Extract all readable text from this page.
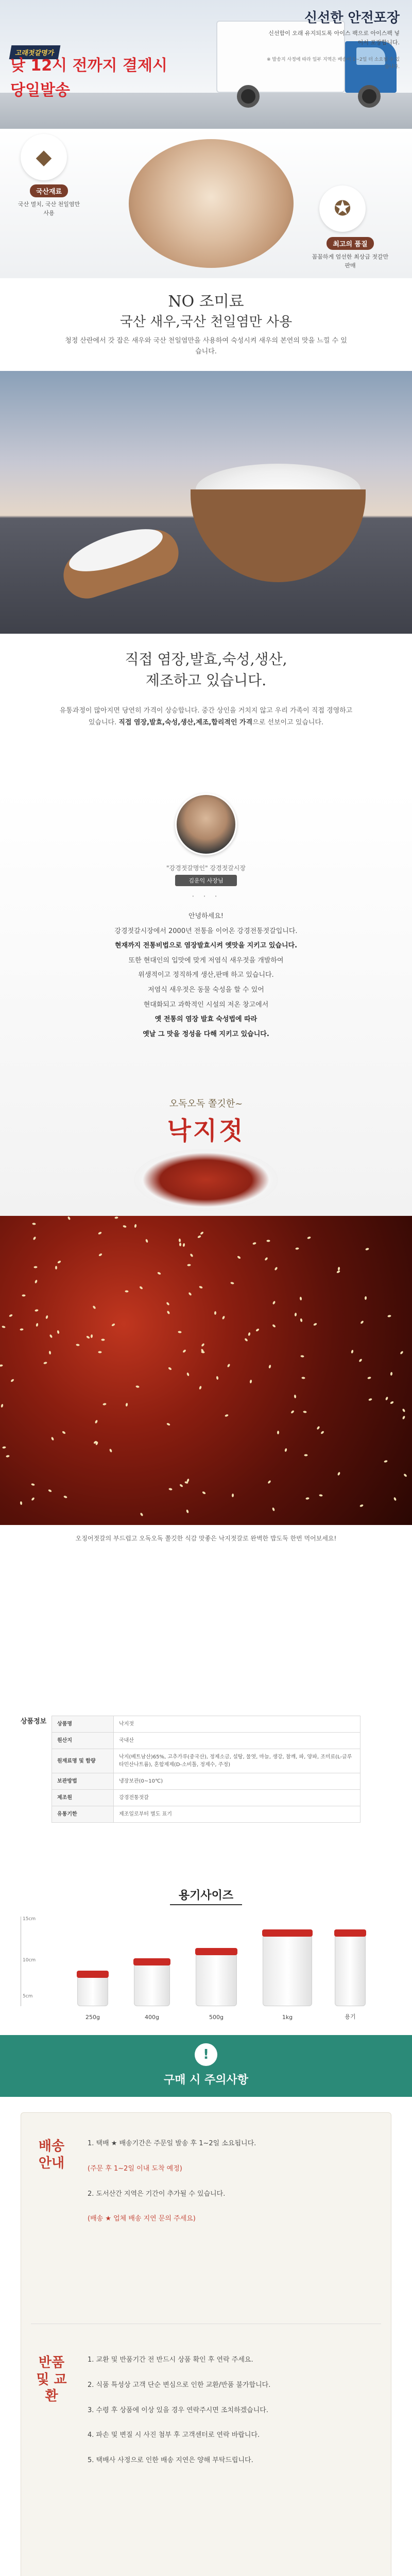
신선한 안전포장
신선함이 오래 유지되도록 아이스 팩으로 아이스팩 넣어서 포장합니다.
※ 발송지 사정에 따라 일부 지역은 배송이 1~2일 더 소요될 수 있습니다.
고래젓갈명가
낮 12시 전까지 결제시
당일발송
◆
국산재료
국산 멸치, 국산 천일염만 사용	✪
최고의 품질
꼼꼼하게 엄선한 최상급 젓갈만 판매
NO 조미료
국산 새우,국산 천일염만 사용
청정 산란에서 갓 잡은 새우와 국산 천일염만을 사용하여 숙성시켜 새우의 본연의 맛을 느낄 수 있습니다.
직접 염장,발효,숙성,생산,
제조하고 있습니다.
유통과정이 많아지면 당연히 가격이 상승합니다. 중간 상인을 거치지 않고 우리 가족이 직접 경영하고 있습니다. 직접 염장,발효,숙성,생산,제조,합리적인 가격으로 선보이고 있습니다.
"강경젓갈명인" 강경젓갈시장
김운익 사장님
· · ·
안녕하세요!
강경젓갈시장에서 2000년 전통을 이어온 강경전통젓갈입니다.
현재까지 전통비법으로 염장발효시켜 옛맛을 지키고 있습니다.
또한 현대인의 입맛에 맞게 저염식 새우젓을 개발하여
위생적이고 정직하게 생산,판매 하고 있습니다.
저염식 새우젓은 동물 숙성을 할 수 있어
현대화되고 과학적인 시설의 저온 창고에서
옛 전통의 염장 발효 숙성법에 따라
옛날 그 맛을 정성을 다해 지키고 있습니다.
오독오독 쫄깃한~
낙지젓
오징어젓갈의 부드럽고 오독오독 쫄깃한 식감 맛좋은 낙지젓갈로 완벽한 밥도둑 한번 먹어보세요!
상품정보 상품명	낙지젓
원산지	국내산
원재료명 및 함량	낙지(베트남산)65%, 고추가루(중국산), 정제소금, 설탕, 물엿, 마늘, 생강, 참깨, 파, 양파, 조미료(L-글루타민산나트륨), 혼합제제(D-소비톨, 정제수, 주정)
보관방법	냉장보관(0~10℃)
제조원	강경전통젓갈
유통기한	제조일로부터 별도 표기
용기사이즈
15cm
10cm
5cm
250g	400g	500g	1kg	용기
!
구매 시 주의사항
배송 안내
1. 택배 ★ 배송기간은 주문일 발송 후 1~2일 소요됩니다.
(주문 후 1~2일 이내 도착 예정)
2. 도서산간 지역은 기간이 추가될 수 있습니다.
(배송 ★ 업체 배송 지연 문의 주세요)
반품 및 교환
1. 교환 및 반품기간 전 반드시 상품 확인 후 연락 주세요.
2. 식품 특성상 고객 단순 변심으로 인한 교환/반품 불가합니다.
3. 수령 후 상품에 이상 있을 경우 연락주시면 조치하겠습니다.
4. 파손 및 변질 시 사진 첨부 후 고객센터로 연락 바랍니다.
5. 택배사 사정으로 인한 배송 지연은 양해 부탁드립니다.
